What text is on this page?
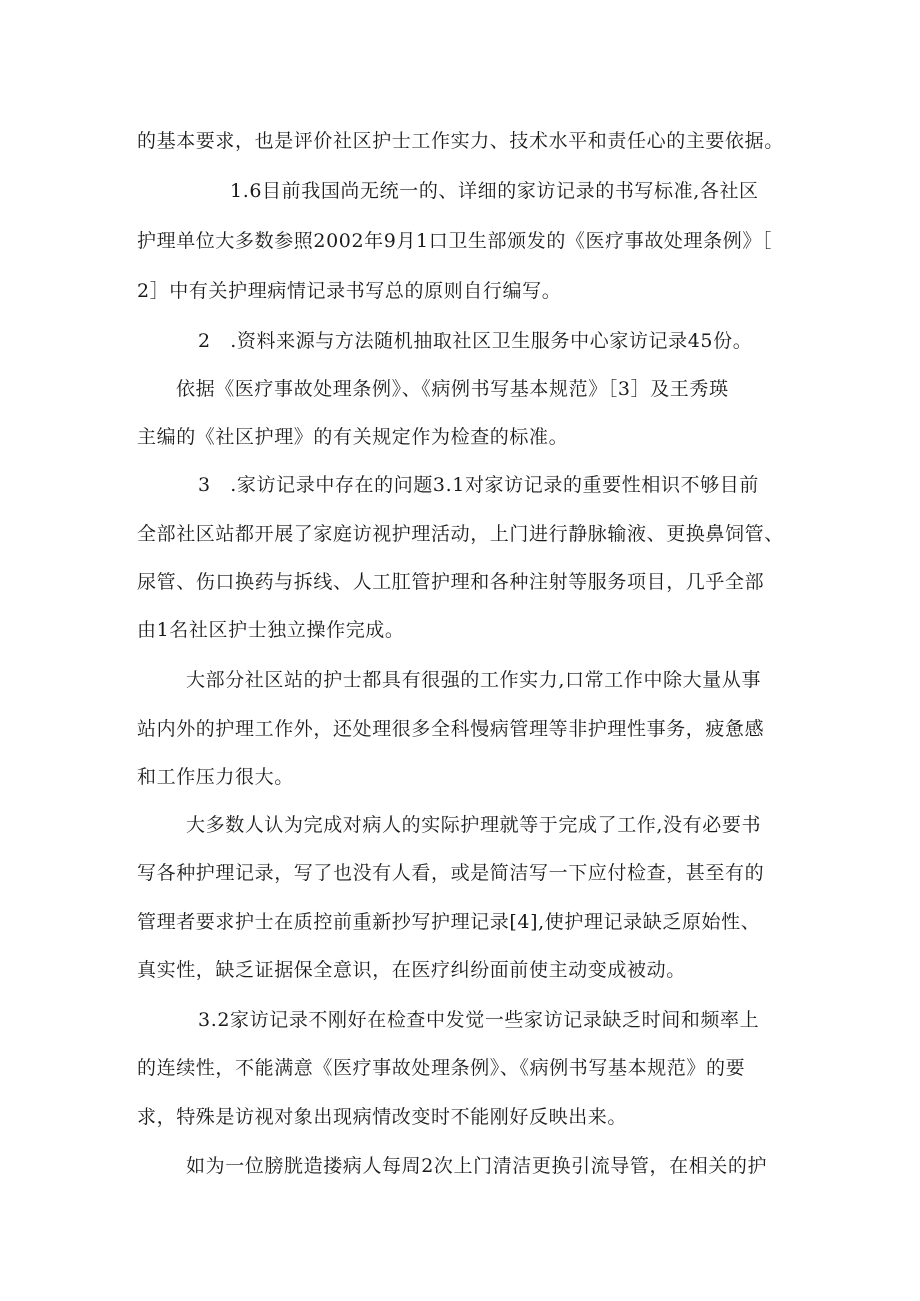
的基本要求，也是评价社区护士工作实力、技术水平和责任心的主要依据。
1.6目前我国尚无统一的、详细的家访记录的书写标准,各社区
护理单位大多数参照2002年9月1口卫生部颁发的《医疗事故处理条例》［
2］中有关护理病情记录书写总的原则自行编写。
2　.资料来源与方法随机抽取社区卫生服务中心家访记录45份。
依据《医疗事故处理条例》、《病例书写基本规范》［3］及王秀瑛
主编的《社区护理》的有关规定作为检查的标准。
3　.家访记录中存在的问题3.1对家访记录的重要性相识不够目前
全部社区站都开展了家庭访视护理活动，上门进行静脉输液、更换鼻饲管、
尿管、伤口换药与拆线、人工肛管护理和各种注射等服务项目，几乎全部
由1名社区护士独立操作完成。
大部分社区站的护士都具有很强的工作实力,口常工作中除大量从事
站内外的护理工作外，还处理很多全科慢病管理等非护理性事务，疲惫感
和工作压力很大。
大多数人认为完成对病人的实际护理就等于完成了工作,没有必要书
写各种护理记录，写了也没有人看，或是简洁写一下应付检查，甚至有的
管理者要求护士在质控前重新抄写护理记录[4],使护理记录缺乏原始性、
真实性，缺乏证据保全意识，在医疗纠纷面前使主动变成被动。
3.2家访记录不刚好在检查中发觉一些家访记录缺乏时间和频率上
的连续性，不能满意《医疗事故处理条例》、《病例书写基本规范》的要
求，特殊是访视对象出现病情改变时不能刚好反映出来。
如为一位膀胱造搂病人每周2次上门清洁更换引流导管，在相关的护
